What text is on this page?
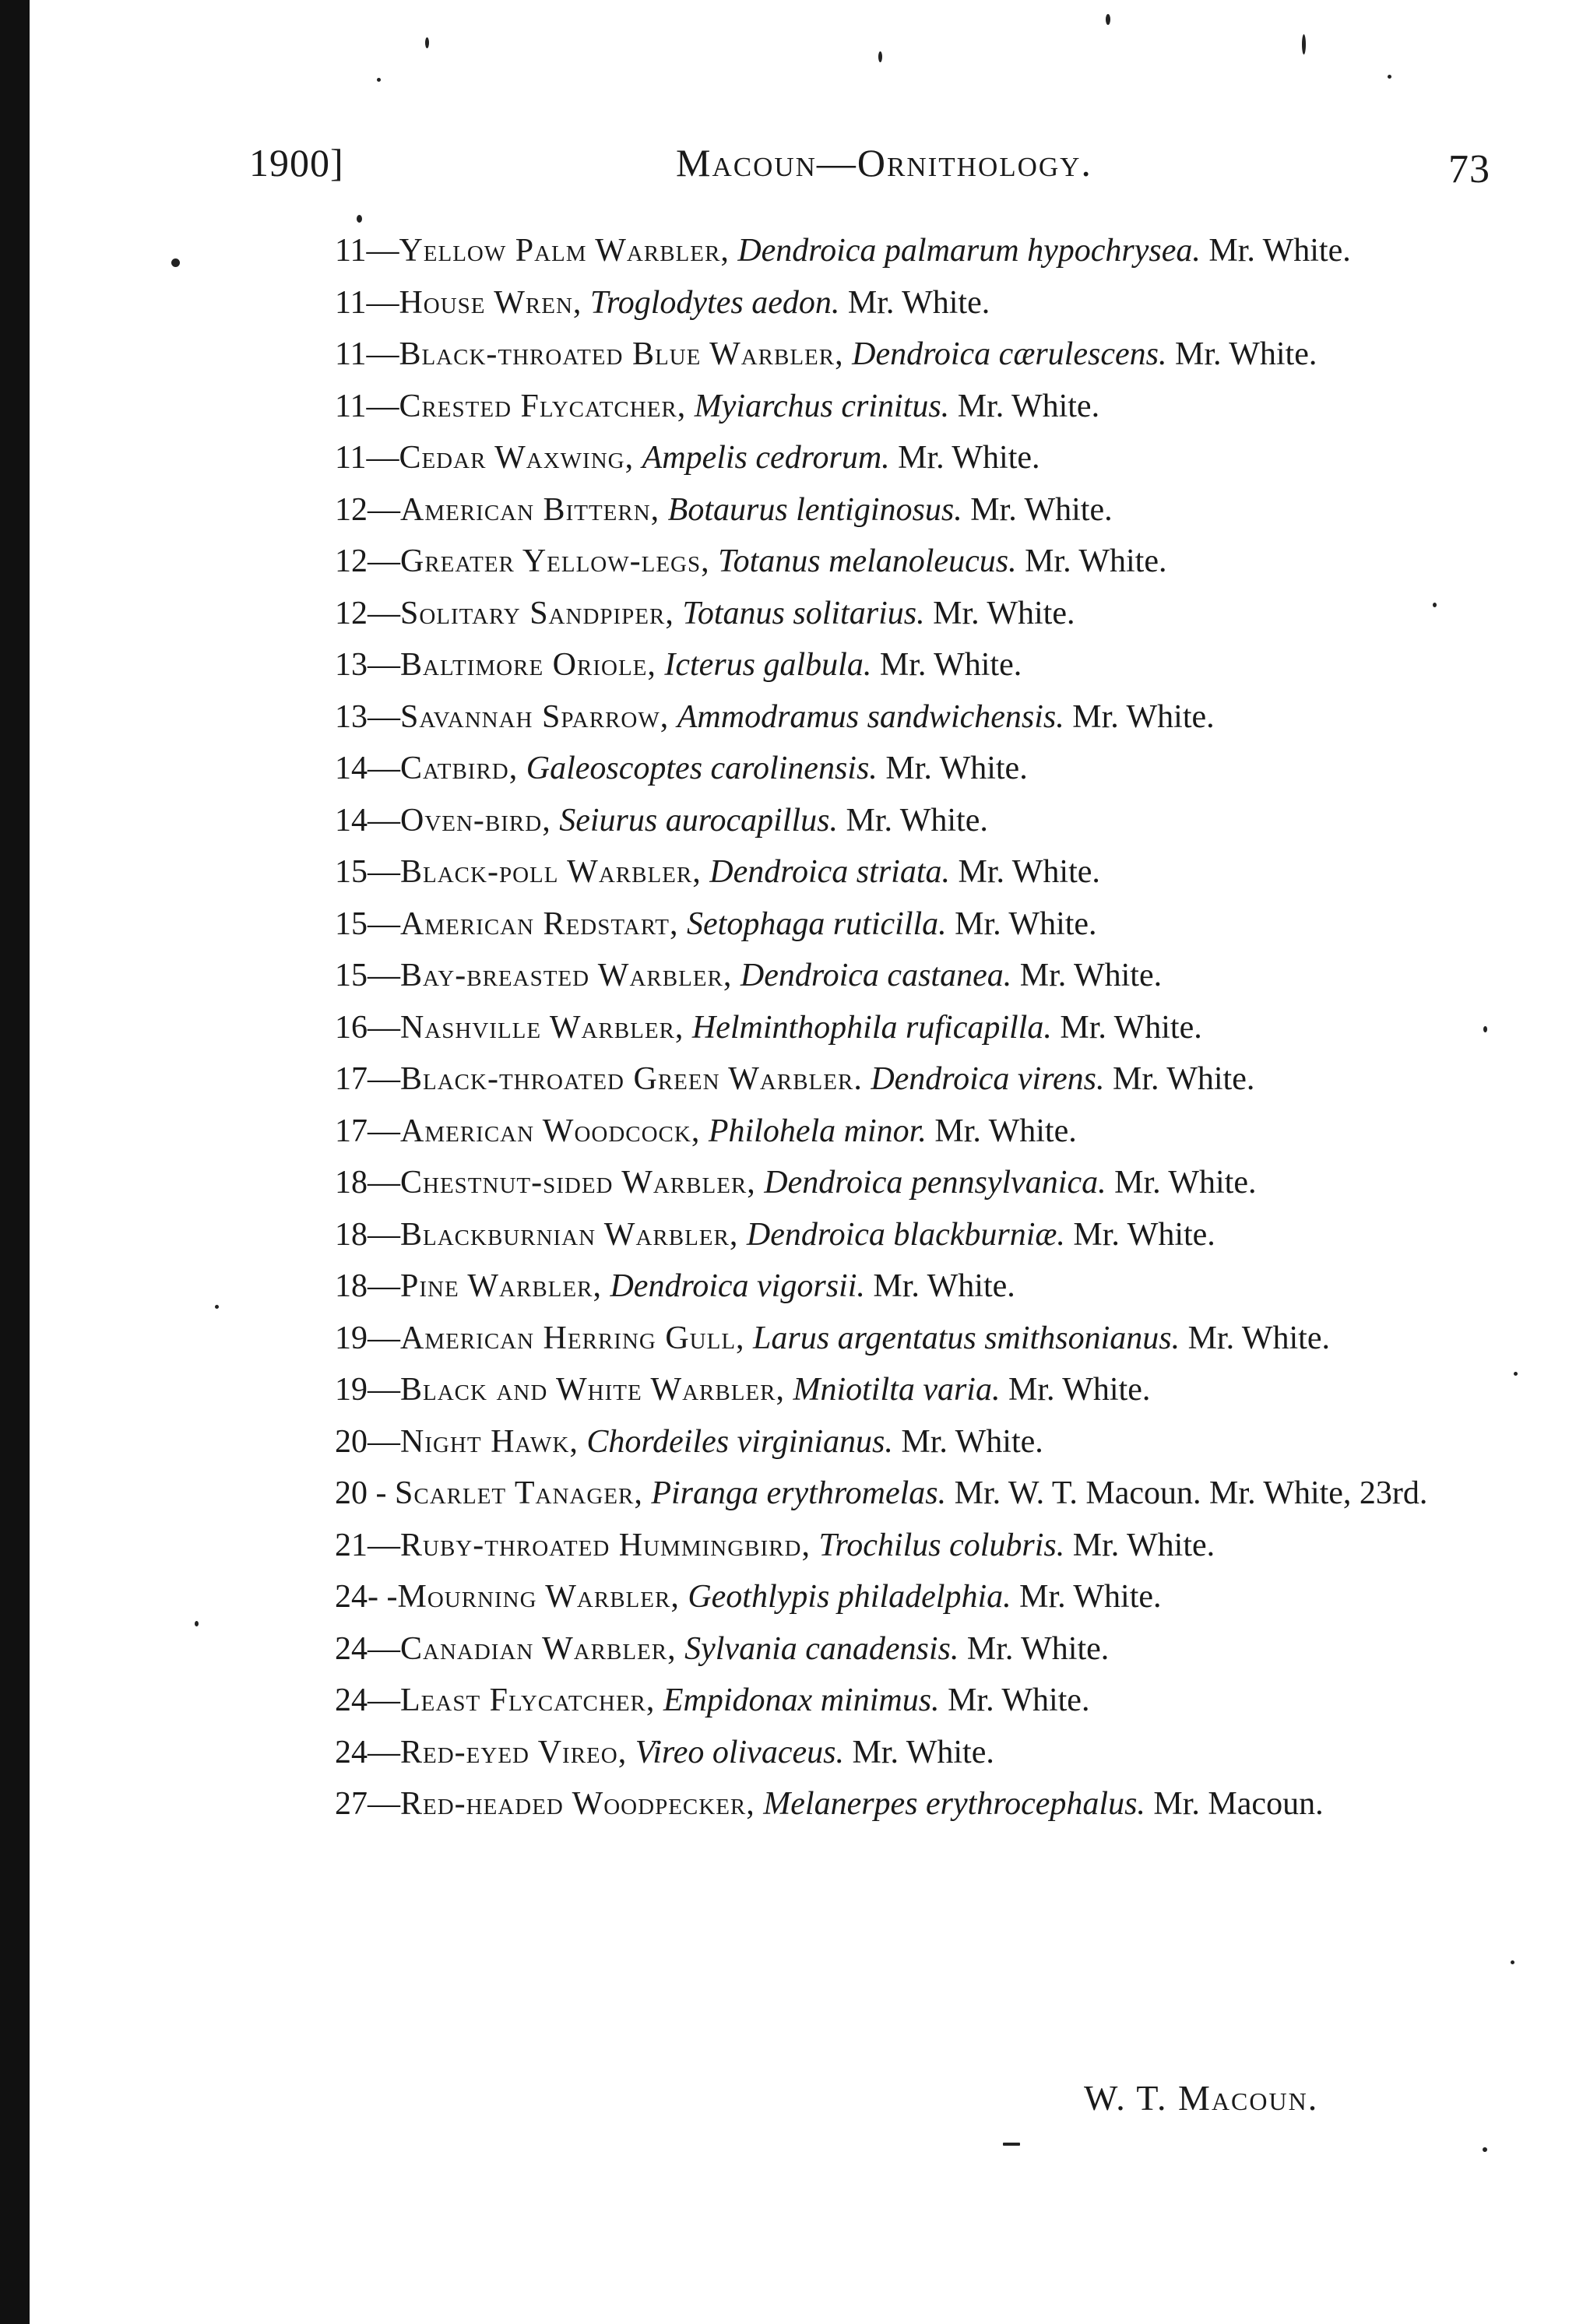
1900]	Macoun—Ornithology.	73

11—Yellow Palm Warbler, Dendroica palmarum hypochrysea. Mr. White.

11—House Wren, Troglodytes aedon. Mr. White.

11—Black-throated Blue Warbler, Dendroica cærulescens. Mr. White.

11—Crested Flycatcher, Myiarchus crinitus. Mr. White.

11—Cedar Waxwing, Ampelis cedrorum. Mr. White.

12—American Bittern, Botaurus lentiginosus. Mr. White.

12—Greater Yellow-legs, Totanus melanoleucus. Mr. White.

12—Solitary Sandpiper, Totanus solitarius. Mr. White.

13—Baltimore Oriole, Icterus galbula. Mr. White.

13—Savannah Sparrow, Ammodramus sandwichensis. Mr. White.

14—Catbird, Galeoscoptes carolinensis. Mr. White.

14—Oven-bird, Seiurus aurocapillus. Mr. White.

15—Black-poll Warbler, Dendroica striata. Mr. White.

15—American Redstart, Setophaga ruticilla. Mr. White.

15—Bay-breasted Warbler, Dendroica castanea. Mr. White.

16—Nashville Warbler, Helminthophila ruficapilla. Mr. White.

17—Black-throated Green Warbler. Dendroica virens. Mr. White.

17—American Woodcock, Philohela minor. Mr. White.

18—Chestnut-sided Warbler, Dendroica pennsylvanica. Mr. White.

18—Blackburnian Warbler, Dendroica blackburniæ. Mr. White.

18—Pine Warbler, Dendroica vigorsii. Mr. White.

19—American Herring Gull, Larus argentatus smithsonianus. Mr. White.

19—Black and White Warbler, Mniotilta varia. Mr. White.

20—Night Hawk, Chordeiles virginianus. Mr. White.

20 - Scarlet Tanager, Piranga erythromelas. Mr. W. T. Macoun. Mr. White, 23rd.

21—Ruby-throated Hummingbird, Trochilus colubris. Mr. White.

24- -Mourning Warbler, Geothlypis philadelphia. Mr. White.

24—Canadian Warbler, Sylvania canadensis. Mr. White.

24—Least Flycatcher, Empidonax minimus. Mr. White.

24—Red-eyed Vireo, Vireo olivaceus. Mr. White.

27—Red-headed Woodpecker, Melanerpes erythrocephalus. Mr. Macoun.

W. T. Macoun.
